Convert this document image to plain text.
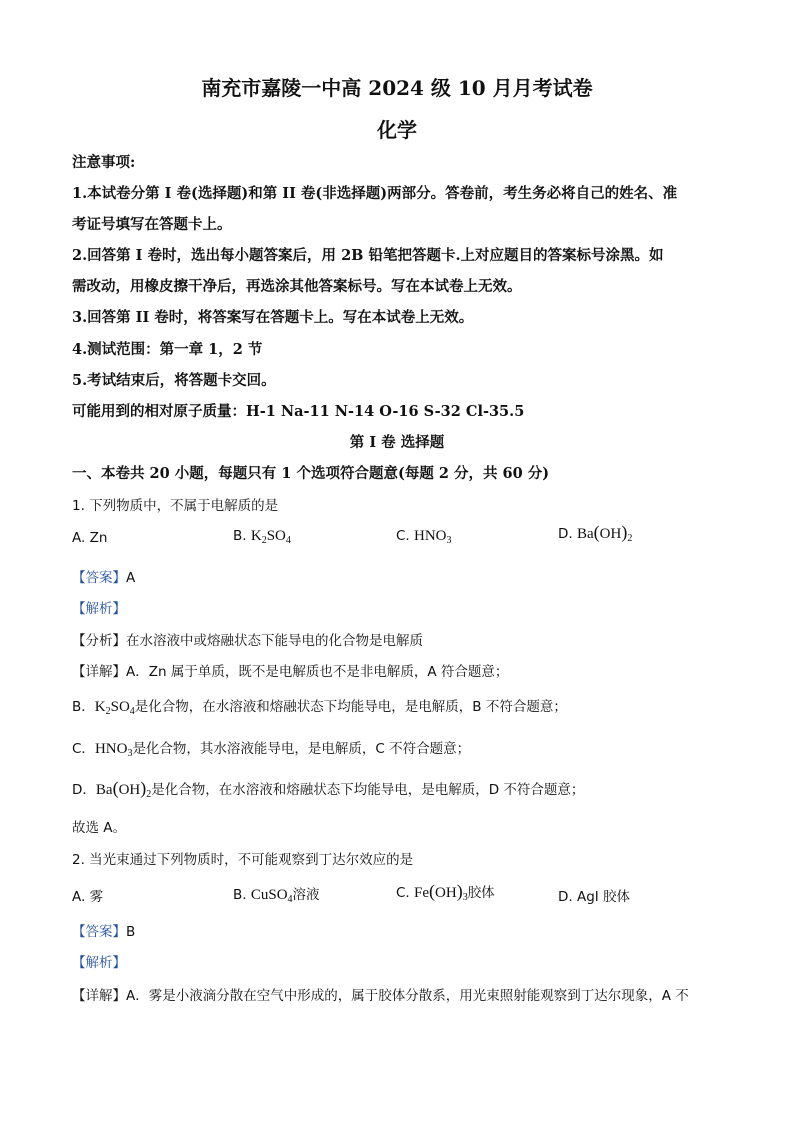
南充市嘉陵一中高 2024 级 10 月月考试卷
化学
注意事项:
1.本试卷分第 I 卷(选择题)和第 II 卷(非选择题)两部分。答卷前，考生务必将自己的姓名、准
考证号填写在答题卡上。
2.回答第 I 卷时，选出每小题答案后，用 2B 铅笔把答题卡.上对应题目的答案标号涂黑。如
需改动，用橡皮擦干净后，再选涂其他答案标号。写在本试卷上无效。
3.回答第 II 卷时，将答案写在答题卡上。写在本试卷上无效。
4.测试范围：第一章 1，2 节
5.考试结束后，将答题卡交回。
可能用到的相对原子质量：H-1 Na-11 N-14 O-16 S-32 Cl-35.5
第 I 卷 选择题
一、本卷共 20 小题，每题只有 1 个选项符合题意(每题 2 分，共 60 分)
1. 下列物质中，不属于电解质的是
A. Zn	B. $K_2SO_4$	C. $HNO_3$	D. $Ba(OH)_2$
【答案】A
【解析】
【分析】在水溶液中或熔融状态下能导电的化合物是电解质
【详解】A．Zn 属于单质，既不是电解质也不是非电解质，A 符合题意；
B．$K_2SO_4$是化合物，在水溶液和熔融状态下均能导电，是电解质，B 不符合题意；
C．$HNO_3$是化合物，其水溶液能导电，是电解质，C 不符合题意；
D．$Ba(OH)_2$是化合物，在水溶液和熔融状态下均能导电，是电解质，D 不符合题意；
故选 A。
2. 当光束通过下列物质时，不可能观察到丁达尔效应的是
A. 雾	B. CuSO$_4$溶液	C. $Fe(OH)_3$胶体	D. AgI 胶体
【答案】B
【解析】
【详解】A．雾是小液滴分散在空气中形成的，属于胶体分散系，用光束照射能观察到丁达尔现象，A 不
